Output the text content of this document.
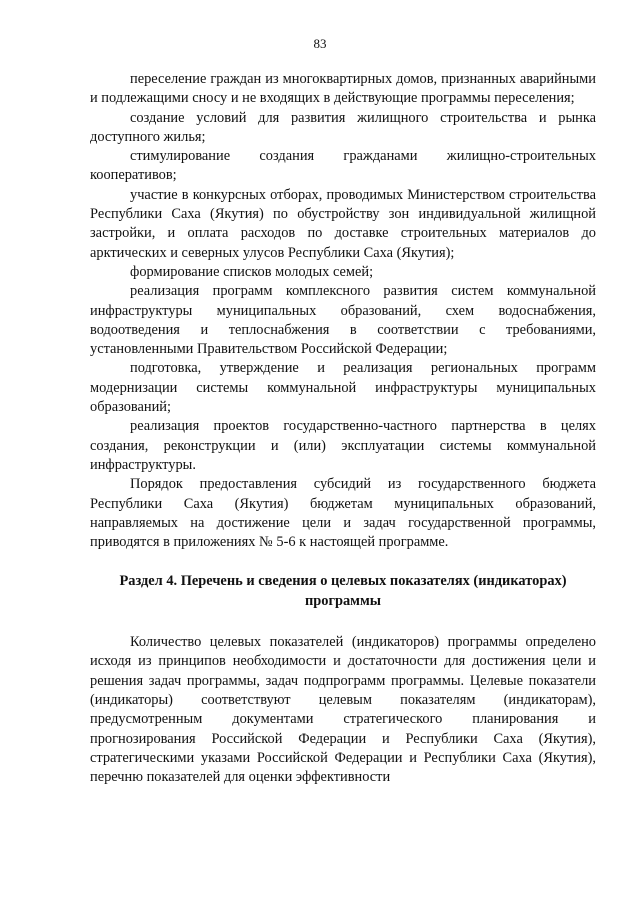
83

переселение граждан из многоквартирных домов, признанных аварийными и подлежащими сносу и не входящих в действующие программы переселения;

создание условий для развития жилищного строительства и рынка доступного жилья;

стимулирование создания гражданами жилищно-строительных кооперативов;

участие в конкурсных отборах, проводимых Министерством строительства Республики Саха (Якутия) по обустройству зон индивидуальной жилищной застройки, и оплата расходов по доставке строительных материалов до арктических и северных улусов Республики Саха (Якутия);

формирование списков молодых семей;

реализация программ комплексного развития систем коммунальной инфраструктуры муниципальных образований, схем водоснабжения, водоотведения и теплоснабжения в соответствии с требованиями, установленными Правительством Российской Федерации;

подготовка, утверждение и реализация региональных программ модернизации системы коммунальной инфраструктуры муниципальных образований;

реализация проектов государственно-частного партнерства в целях создания, реконструкции и (или) эксплуатации системы коммунальной инфраструктуры.

Порядок предоставления субсидий из государственного бюджета Республики Саха (Якутия) бюджетам муниципальных образований, направляемых на достижение цели и задач государственной программы, приводятся в приложениях № 5-6 к настоящей программе.

Раздел 4. Перечень и сведения о целевых показателях (индикаторах) программы

Количество целевых показателей (индикаторов) программы определено исходя из принципов необходимости и достаточности для достижения цели и решения задач программы, задач подпрограмм программы. Целевые показатели (индикаторы) соответствуют целевым показателям (индикаторам), предусмотренным документами стратегического планирования и прогнозирования Российской Федерации и Республики Саха (Якутия), стратегическими указами Российской Федерации и Республики Саха (Якутия), перечню показателей для оценки эффективности
